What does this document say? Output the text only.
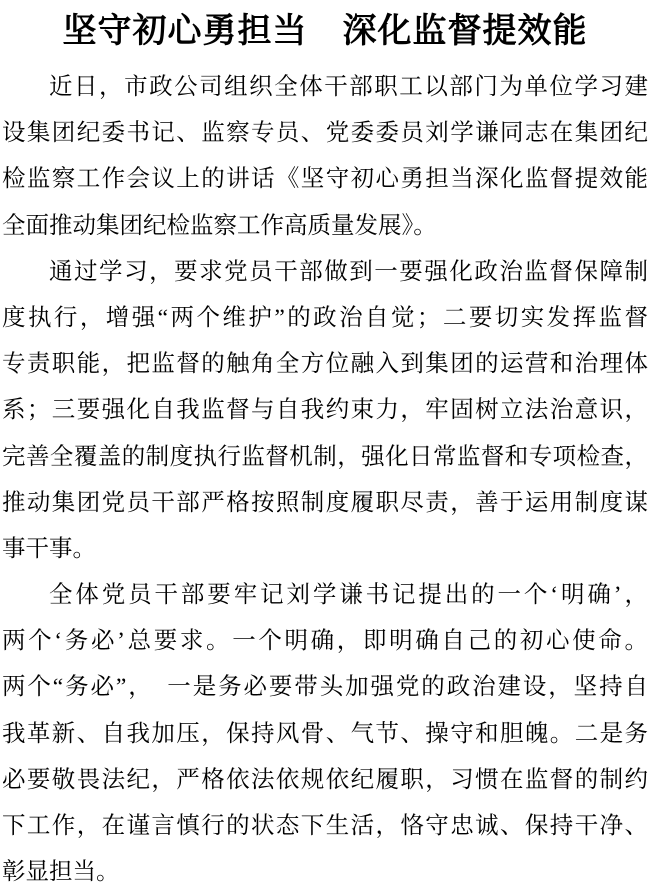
坚守初心勇担当　深化监督提效能
近日，市政公司组织全体干部职工以部门为单位学习建
设集团纪委书记、监察专员、党委委员刘学谦同志在集团纪
检监察工作会议上的讲话《坚守初心勇担当深化监督提效能
全面推动集团纪检监察工作高质量发展》。
通过学习，要求党员干部做到一要强化政治监督保障制
度执行，增强“两个维护”的政治自觉；二要切实发挥监督
专责职能，把监督的触角全方位融入到集团的运营和治理体
系；三要强化自我监督与自我约束力，牢固树立法治意识，
完善全覆盖的制度执行监督机制，强化日常监督和专项检查，
推动集团党员干部严格按照制度履职尽责，善于运用制度谋
事干事。
全体党员干部要牢记刘学谦书记提出的一个‘明确’，
两个‘务必’总要求。一个明确，即明确自己的初心使命。
两个“务必”，　一是务必要带头加强党的政治建设，坚持自
我革新、自我加压，保持风骨、气节、操守和胆魄。二是务
必要敬畏法纪，严格依法依规依纪履职，习惯在监督的制约
下工作，在谨言慎行的状态下生活，恪守忠诚、保持干净、
彰显担当。
